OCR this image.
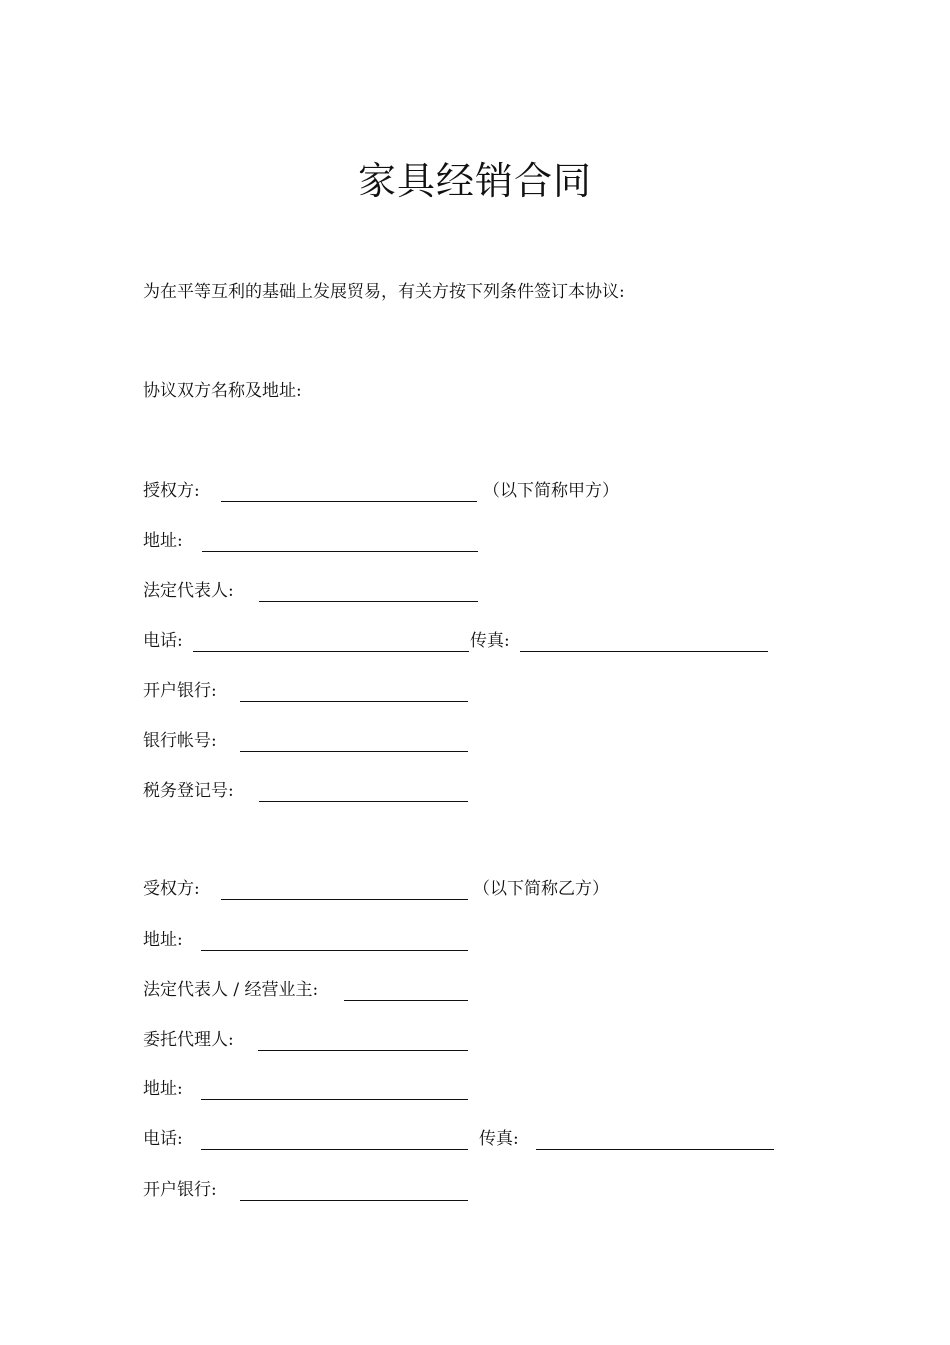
家具经销合同
为在平等互利的基础上发展贸易，有关方按下列条件签订本协议:
协议双方名称及地址:
授权方:	（以下简称甲方）
地址:
法定代表人:
电话:	传真:
开户银行:
银行帐号:
税务登记号:
受权方:	（以下简称乙方）
地址:
法定代表人 / 经营业主:
委托代理人:
地址:
电话:	传真:
开户银行:
